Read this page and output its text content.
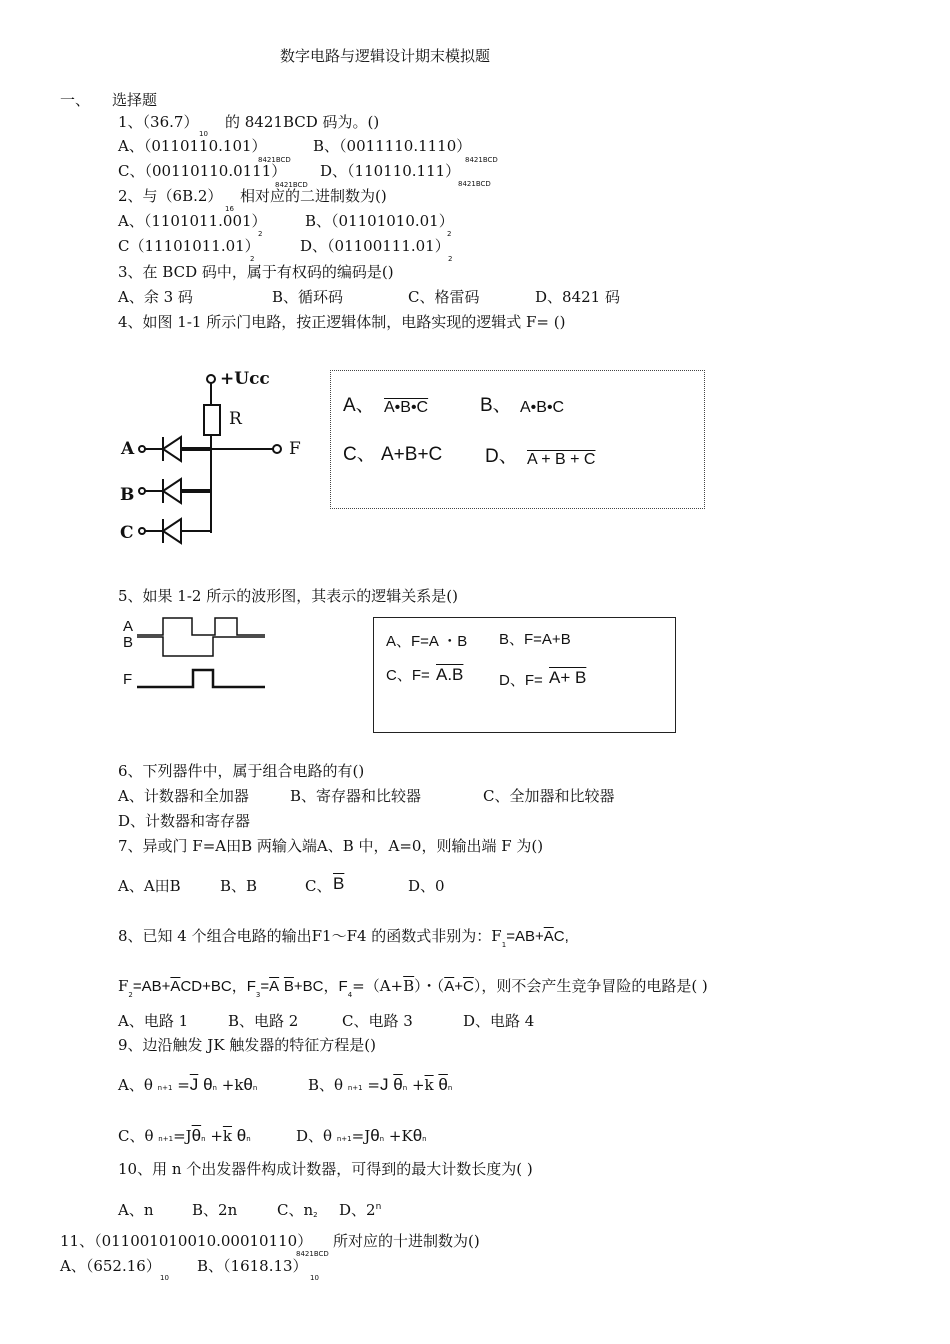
数字电路与逻辑设计期末模拟题
一、 选择题
1、（36.7）
10
的 8421BCD 码为。()
A、（0110110.101）	B、（0011110.1110）
8421BCD
C、（00110110.0111）
8421BCD
D、（110110.111）
8421BCD
2、与（6B.2）
8421BCD
16
相对应的二进制数为()
A、（1101011.001）	B、（01101010.01）
2	2
C（11101011.01）	D、（01100111.01）
2	2
3、在 BCD 码中，属于有权码的编码是()
A、余 3 码	B、循环码	C、格雷码	D、8421 码
4、如图 1-1 所示门电路，按正逻辑体制，电路实现的逻辑式 F= ()
+Ucc
R
A
B
C
F
A、 A•B•C	B、 A•B•C
C、 A+B+C D、 A + B + C
5、如果 1-2 所示的波形图，其表示的逻辑关系是()
A
B
F
A、F=A ・B B、F=A+B
C、F= A.B D、F= A+ B
6、下列器件中，属于组合电路的有()
A、计数器和全加器	B、寄存器和比较器	C、全加器和比较器
D、计数器和寄存器
7、异或门 F=A田B 两输入端A、B 中，A=0，则输出端 F 为()
A、A田B	B、B	C、 $\overline{B}$	D、0
8、已知 4 个组合电路的输出F1～F4 的函数式非别为：$F_1=AB+\overline{A}C$,
$F_2=AB+\overline{A}CD+BC$，$F_3=\overline{A}$ $\overline{B}+BC$，$F_4=(A+\overline{B})$・$(\overline{A}+\overline{C})$，则不会产生竞争冒险的电路是( )
A、电路 1	B、电路 2	C、电路 3	D、电路 4
9、边沿触发 JK 触发器的特征方程是()
A、θ $n+1 =\overline{J}$ θn +kθn	B、θ n+1 =J $\overline{\theta}n +\overline{k}$ $\overline{\theta}n$
C、θ $n+1=J\overline{\theta}n +\overline{k}$ θn	D、θ n+1=Jθn +Kθn
10、用 n 个出发器件构成计数器，可得到的最大计数长度为( )
A、n	B、2n	C、n2 D、2$^n$
11、（011001010010.00010110）
8421BCD
所对应的十进制数为()
A、（652.16）
10
B、（1618.13）
10
